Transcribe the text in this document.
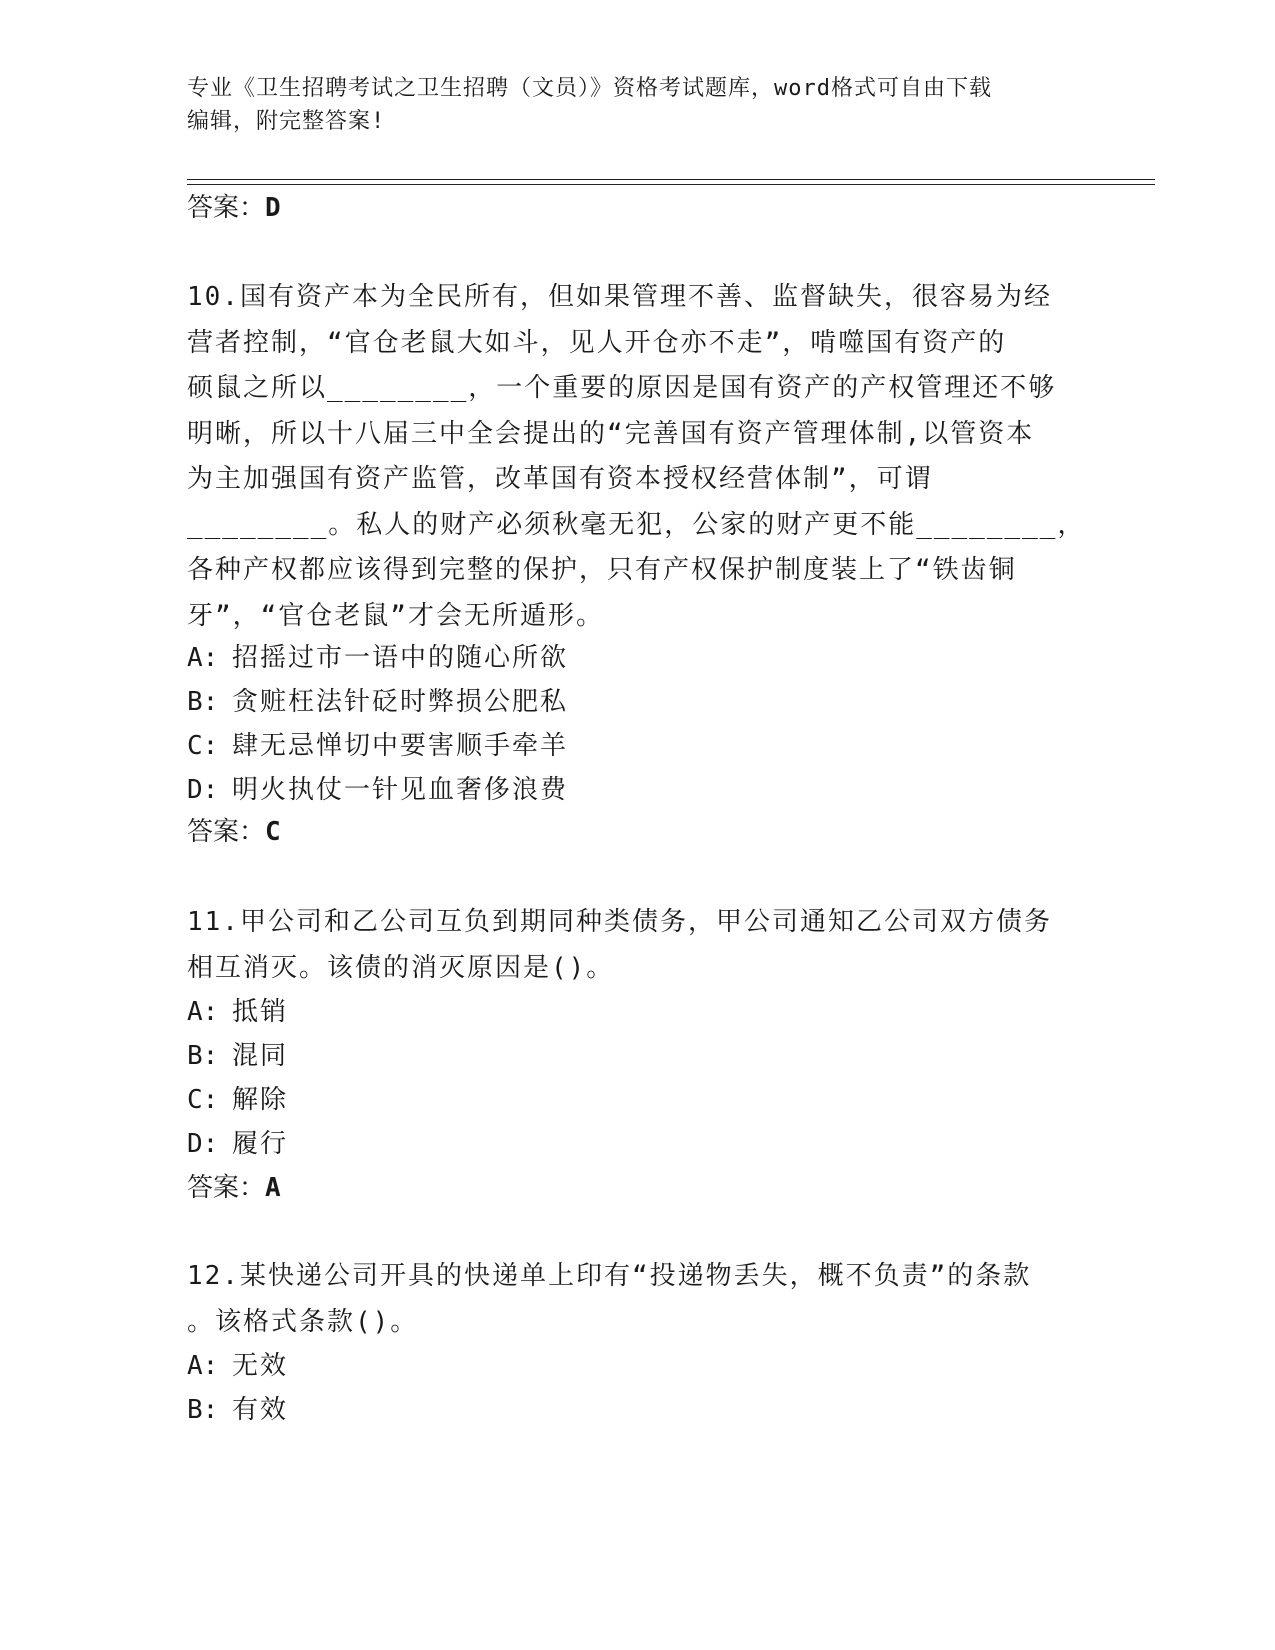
专业《卫生招聘考试之卫生招聘（文员）》资格考试题库，word格式可自由下载
编辑，附完整答案!
答案：D
10.国有资产本为全民所有，但如果管理不善、监督缺失，很容易为经
营者控制，“官仓老鼠大如斗，见人开仓亦不走”，啃噬国有资产的
硕鼠之所以________，一个重要的原因是国有资产的产权管理还不够
明晰，所以十八届三中全会提出的“完善国有资产管理体制,以管资本
为主加强国有资产监管，改革国有资本授权经营体制”，可谓
________。私人的财产必须秋毫无犯，公家的财产更不能________，
各种产权都应该得到完整的保护，只有产权保护制度装上了“铁齿铜
牙”，“官仓老鼠”才会无所遁形。
A: 招摇过市一语中的随心所欲
B: 贪赃枉法针砭时弊损公肥私
C: 肆无忌惮切中要害顺手牵羊
D: 明火执仗一针见血奢侈浪费
答案：C
11.甲公司和乙公司互负到期同种类债务，甲公司通知乙公司双方债务
相互消灭。该债的消灭原因是()。
A: 抵销
B: 混同
C: 解除
D: 履行
答案：A
12.某快递公司开具的快递单上印有“投递物丢失，概不负责”的条款
。该格式条款()。
A: 无效
B: 有效
